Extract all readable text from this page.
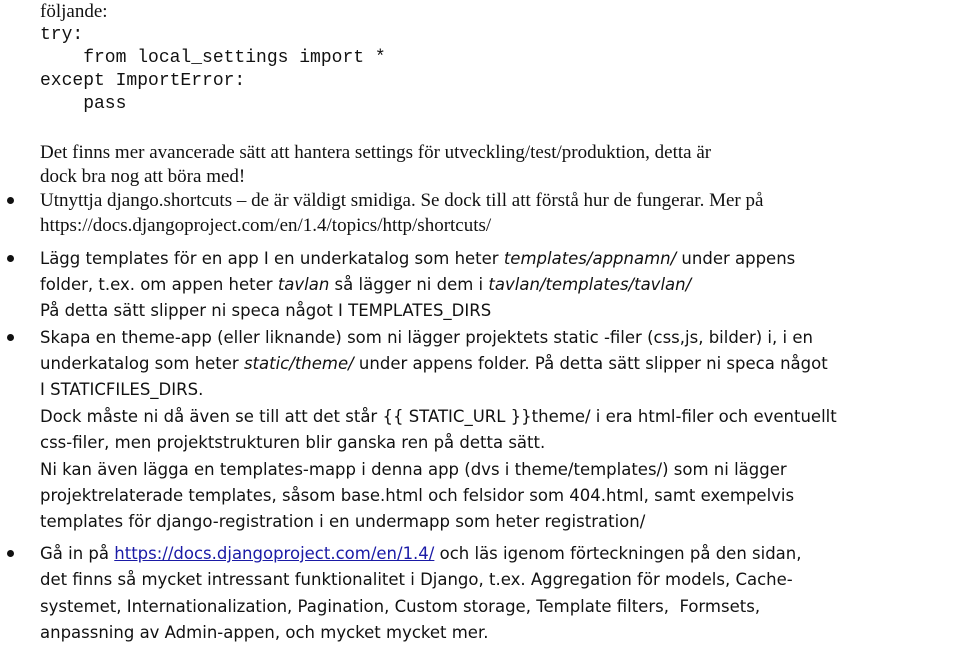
följande:
try:
from local_settings import *
except ImportError:
pass
Det finns mer avancerade sätt att hantera settings för utveckling/test/produktion, detta är
dock bra nog att böra med!
Utnyttja django.shortcuts – de är väldigt smidiga. Se dock till att förstå hur de fungerar. Mer på
https://docs.djangoproject.com/en/1.4/topics/http/shortcuts/
Lägg templates för en app I en underkatalog som heter templates/appnamn/ under appens
folder, t.ex. om appen heter tavlan så lägger ni dem i tavlan/templates/tavlan/
På detta sätt slipper ni speca något I TEMPLATES_DIRS
Skapa en theme-app (eller liknande) som ni lägger projektets static -filer (css,js, bilder) i, i en
underkatalog som heter static/theme/ under appens folder. På detta sätt slipper ni speca något
I STATICFILES_DIRS.
Dock måste ni då även se till att det står {{ STATIC_URL }}theme/ i era html-filer och eventuellt
css-filer, men projektstrukturen blir ganska ren på detta sätt.
Ni kan även lägga en templates-mapp i denna app (dvs i theme/templates/) som ni lägger
projektrelaterade templates, såsom base.html och felsidor som 404.html, samt exempelvis
templates för django-registration i en undermapp som heter registration/
Gå in på https://docs.djangoproject.com/en/1.4/ och läs igenom förteckningen på den sidan,
det finns så mycket intressant funktionalitet i Django, t.ex. Aggregation för models, Cache-
systemet, Internationalization, Pagination, Custom storage, Template filters,  Formsets,
anpassning av Admin-appen, och mycket mycket mer.
